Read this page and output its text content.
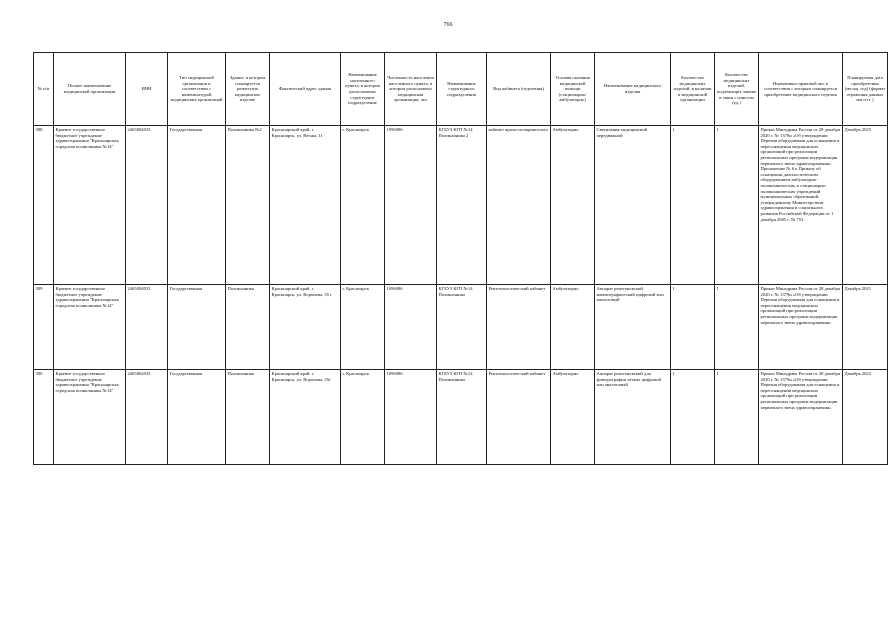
766
№ п/п	Полное наименование медицинской организации	ИНН	Тип медицинской организации в соответствии с номенклатурой медицинских организаций	Здание, в котором планируется разместить медицинское изделие	Фактический адрес здания	Наименование населенного пункта, в котором расположены структурное подразделение	Численность населения населенного пункта, в котором расположена медицинская организация, чел	Наименование структурного подразделения	Вид кабинета (отделения)	Условия оказания медицинской помощи (стационарно/амбулаторно)	Наименование медицинского изделия	Количество медицинских изделий, в наличии в медицинской организации	Количество медицинских изделий, подлежащих замене в связи с износом (ед.)	Нормативно-правовой акт, в соответствии с которым планируется приобретение медицинского изделия	Планируемая дата приобретения (месяц, год) (формат отражения данных мм гггг )
388	Краевое государственное бюджетное учреждение здравоохранения "Красноярская городская поликлиника №14"	2465004033	Государственная	Поликлиника №2	Красноярский край, г. Красноярск, ул. Весны, 11	г. Красноярск	1096086	КГБУЗ КГП №14 Поликлиника 2	кабинет врача-отоларинголога	Амбулаторно	Светильник медицинский передвижной	1	1	Приказ Минздрава России от 28 декабря 2020 г. № 1379н «Об утверждении Перечня оборудования для оснащения и переоснащения медицинских организаций при реализации региональных программ модернизации первичного звена здравоохранения» Приложение № 6 к Приказу об оснащении диагностическим оборудованием амбулаторно-поликлинических и стационарно-поликлинических учреждений муниципальных образований, утвержденному Министерством здравоохранения и социального развития Российской Федерации от 1 декабря 2005 г. № 753	Декабрь 2025
389	Краевое государственное бюджетное учреждение здравоохранения "Красноярская городская поликлиника №14"	2465004033	Государственная	Поликлиника	Красноярский край, г. Красноярск, ул. Воронова, 35 г	г. Красноярск	1096086	КГБУЗ КГП №14 Поликлиника	Рентгенологический кабинет	Амбулаторно	Аппарат рентгеновский маммографический цифровой или аналоговый	1	1	Приказ Минздрава России от 28 декабря 2020 г. № 1379н «Об утверждении Перечня оборудования для оснащения и переоснащения медицинских организаций при реализации региональных программ модернизации первичного звена здравоохранения»	Декабрь 2021
390	Краевое государственное бюджетное учреждение здравоохранения "Красноярская городская поликлиника №14"	2465004033	Государственная	Поликлиника	Красноярский край, г. Красноярск, ул. Воронова, 35г	г. Красноярск	1096086	КГБУЗ КГП №14 Поликлиника	Рентгенологический кабинет	Амбулаторно	Аппарат рентгеновский для флюорографии легких цифровой или аналоговый	1	1	Приказ Минздрава России от 28 декабря 2020 г. № 1379н «Об утверждении Перечня оборудования для оснащения и переоснащения медицинских организаций при реализации региональных программ модернизации первичного звена здравоохранения»	Декабрь 2022
